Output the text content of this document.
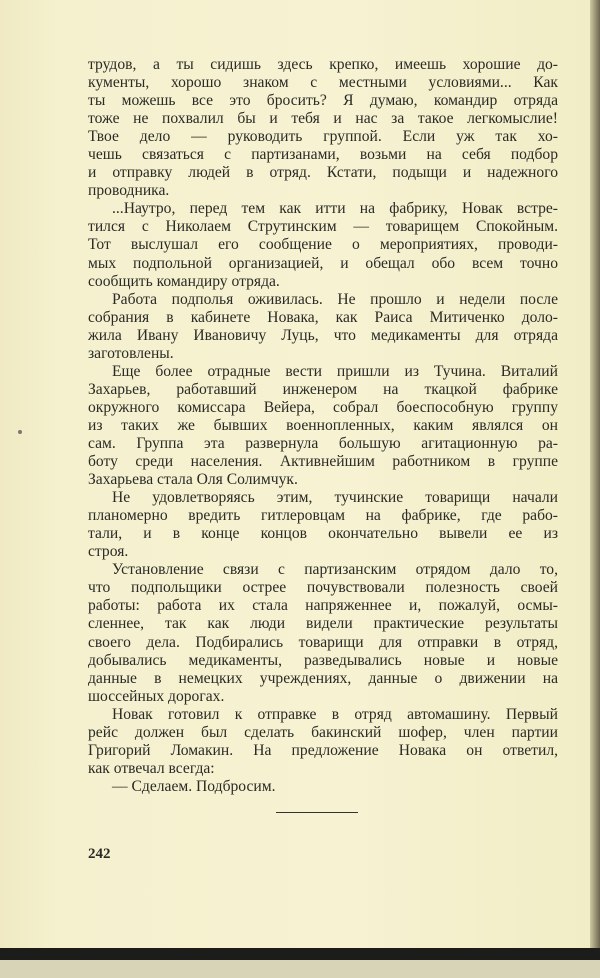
трудов, а ты сидишь здесь крепко, имеешь хорошие до-
кументы, хорошо знаком с местными условиями... Как
ты можешь все это бросить? Я думаю, командир отряда
тоже не похвалил бы и тебя и нас за такое легкомыслие!
Твое дело — руководить группой. Если уж так хо-
чешь связаться с партизанами, возьми на себя подбор
и отправку людей в отряд. Кстати, подыщи и надежного
проводника.
...Наутро, перед тем как итти на фабрику, Новак встре-
тился с Николаем Струтинским — товарищем Спокойным.
Тот выслушал его сообщение о мероприятиях, проводи-
мых подпольной организацией, и обещал обо всем точно
сообщить командиру отряда.
Работа подполья оживилась. Не прошло и недели после
собрания в кабинете Новака, как Раиса Митиченко доло-
жила Ивану Ивановичу Луць, что медикаменты для отряда
заготовлены.
Еще более отрадные вести пришли из Тучина. Виталий
Захарьев, работавший инженером на ткацкой фабрике
окружного комиссара Вейера, собрал боеспособную группу
из таких же бывших военнопленных, каким являлся он
сам. Группа эта развернула большую агитационную ра-
боту среди населения. Активнейшим работником в группе
Захарьева стала Оля Солимчук.
Не удовлетворяясь этим, тучинские товарищи начали
планомерно вредить гитлеровцам на фабрике, где рабо-
тали, и в конце концов окончательно вывели ее из
строя.
Установление связи с партизанским отрядом дало то,
что подпольщики острее почувствовали полезность своей
работы: работа их стала напряженнее и, пожалуй, осмы-
сленнее, так как люди видели практические результаты
своего дела. Подбирались товарищи для отправки в отряд,
добывались медикаменты, разведывались новые и новые
данные в немецких учреждениях, данные о движении на
шоссейных дорогах.
Новак готовил к отправке в отряд автомашину. Первый
рейс должен был сделать бакинский шофер, член партии
Григорий Ломакин. На предложение Новака он ответил,
как отвечал всегда:
— Сделаем. Подбросим.
242
